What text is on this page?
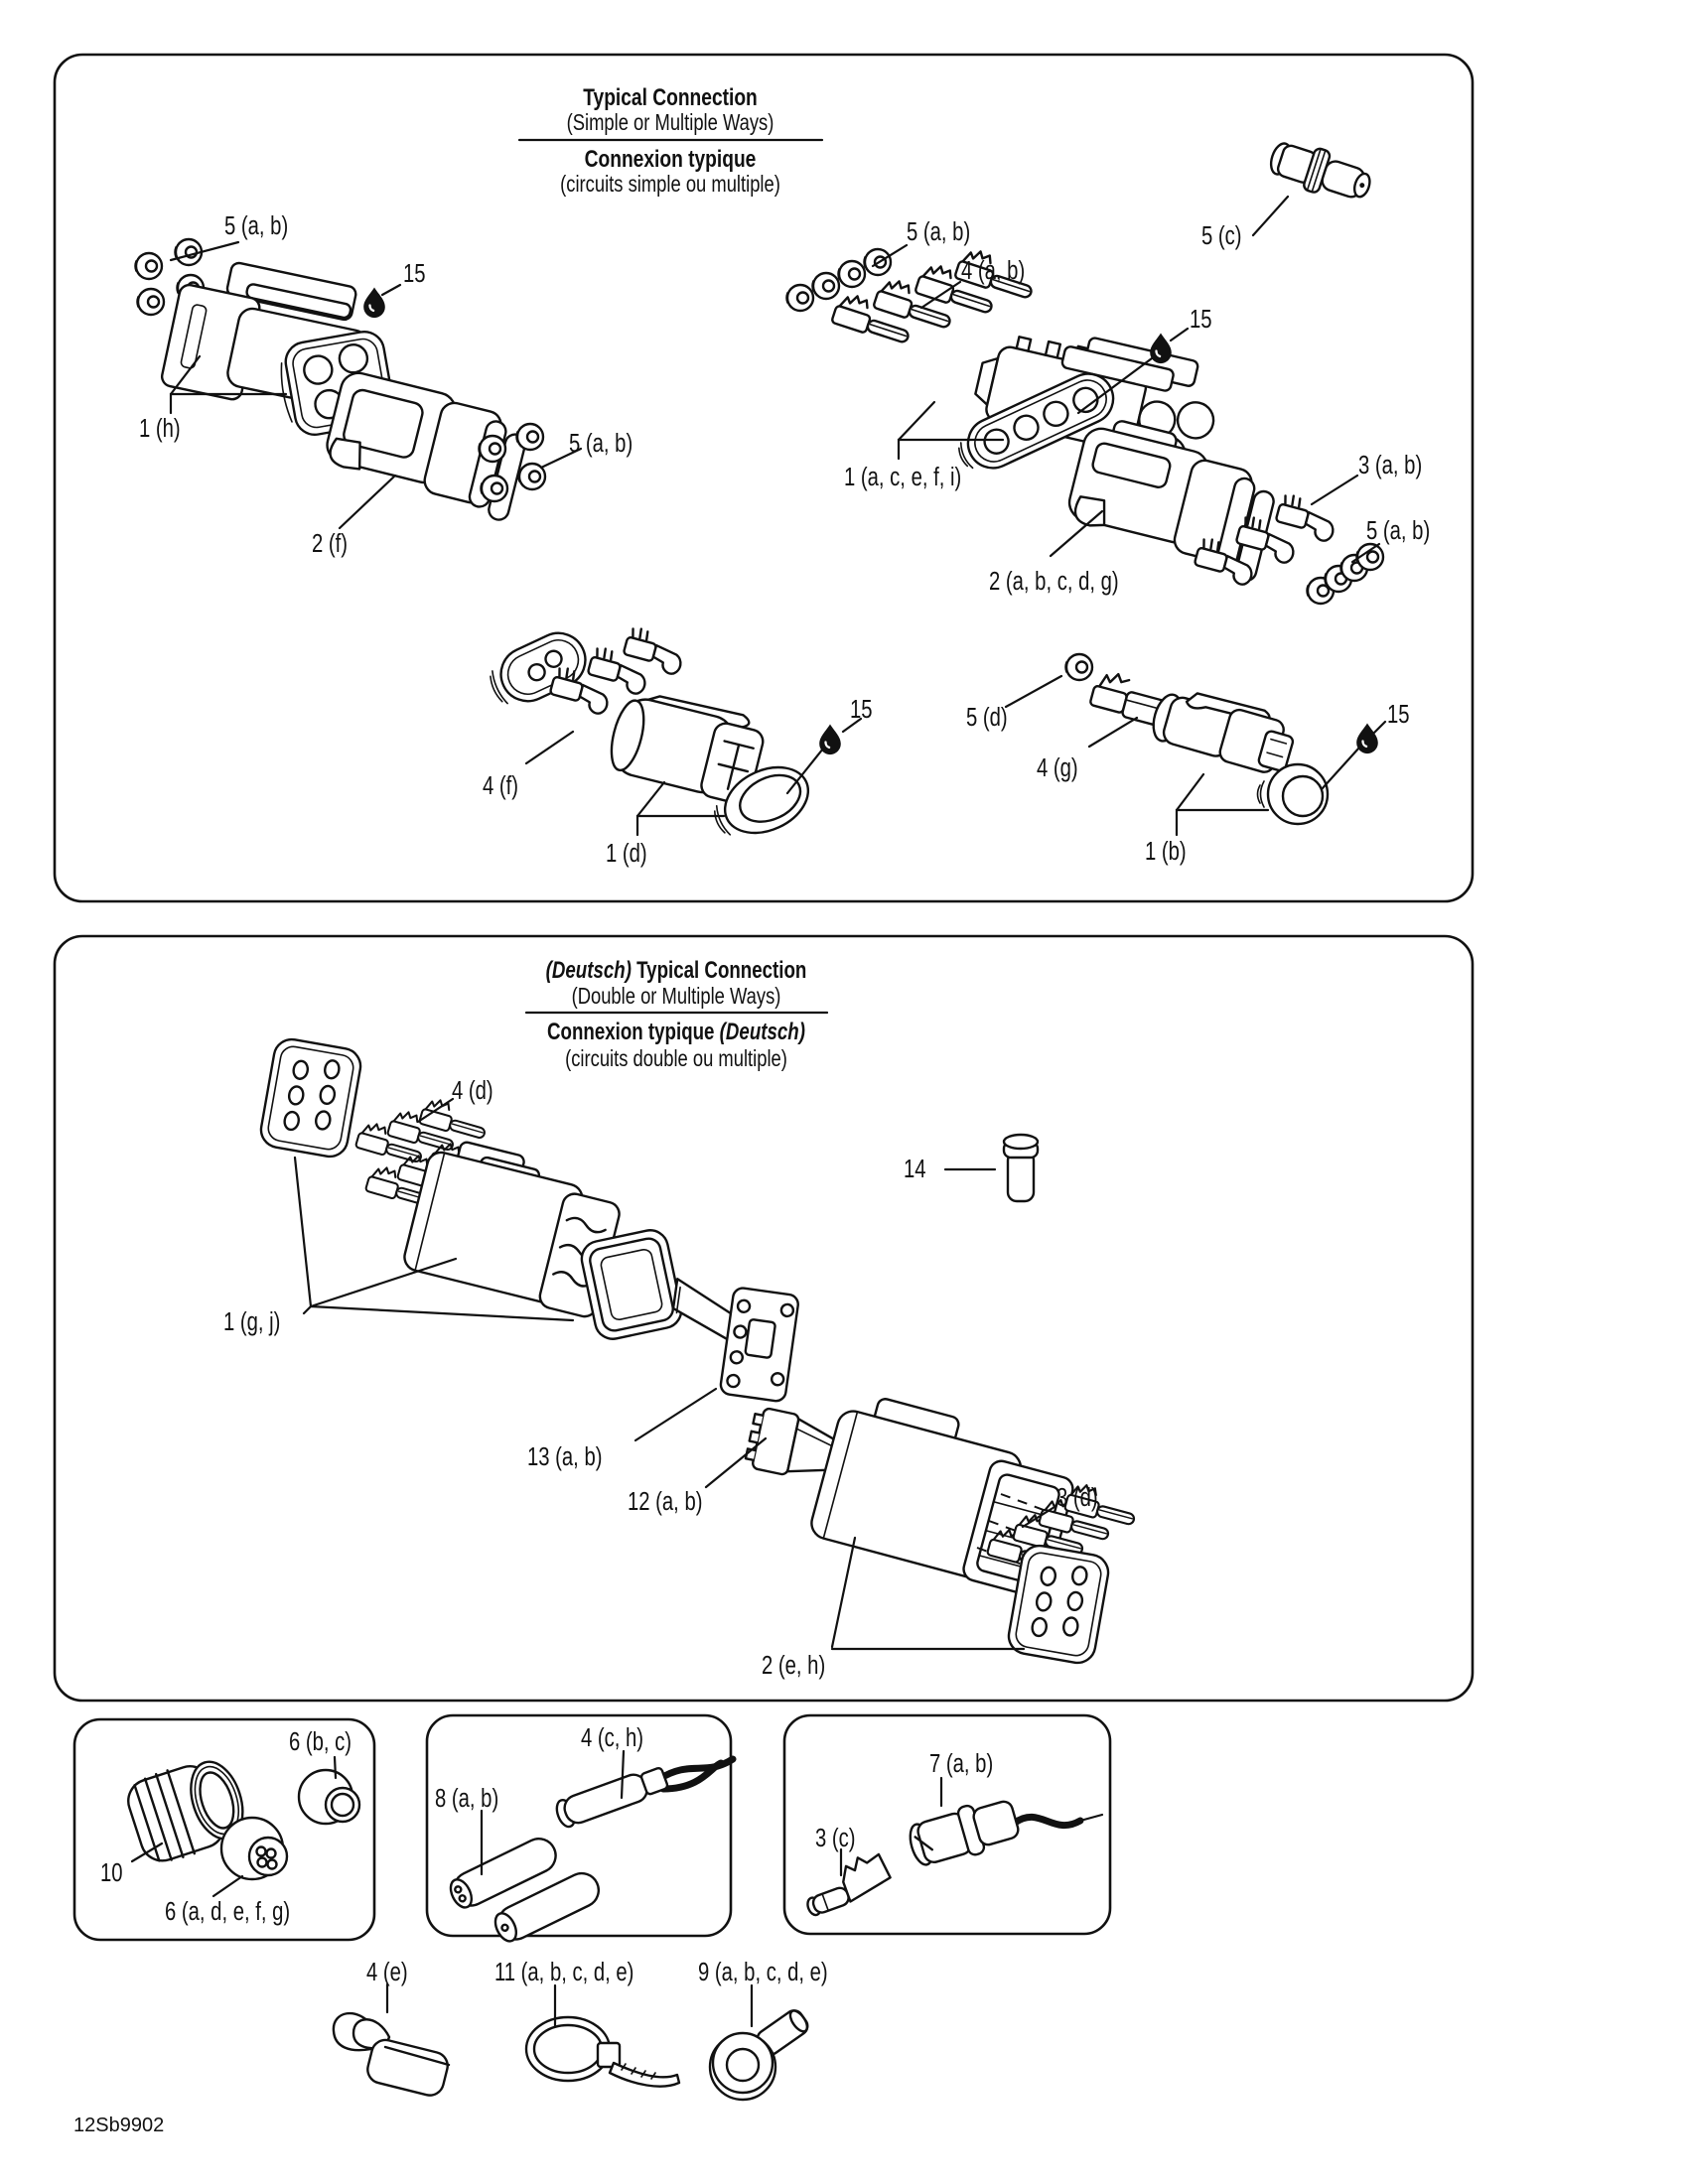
Typical Connection
(Simple or Multiple Ways)
Connexion typique
(circuits simple ou multiple)
(Deutsch) Typical Connection
(Double or Multiple Ways)
Connexion typique (Deutsch)
(circuits double ou multiple)
5 (a, b)
15
1 (h)
2 (f)
5 (a, b)
5 (a, b)
4 (a, b)
5 (c)
15
1 (a, c, e, f, i)
2 (a, b, c, d, g)
3 (a, b)
5 (a, b)
4 (f)
1 (d)
15	5 (d)
4 (g)
1 (b)
15
4 (d)
14
1 (g, j)
13 (a, b)
12 (a, b)	3 (d)
2 (e, h)
6 (b, c)
10
6 (a, d, e, f, g)
4 (c, h)
8 (a, b)
7 (a, b)
3 (c)
4 (e)	11 (a, b, c, d, e) 9 (a, b, c, d, e)
12Sb9902
